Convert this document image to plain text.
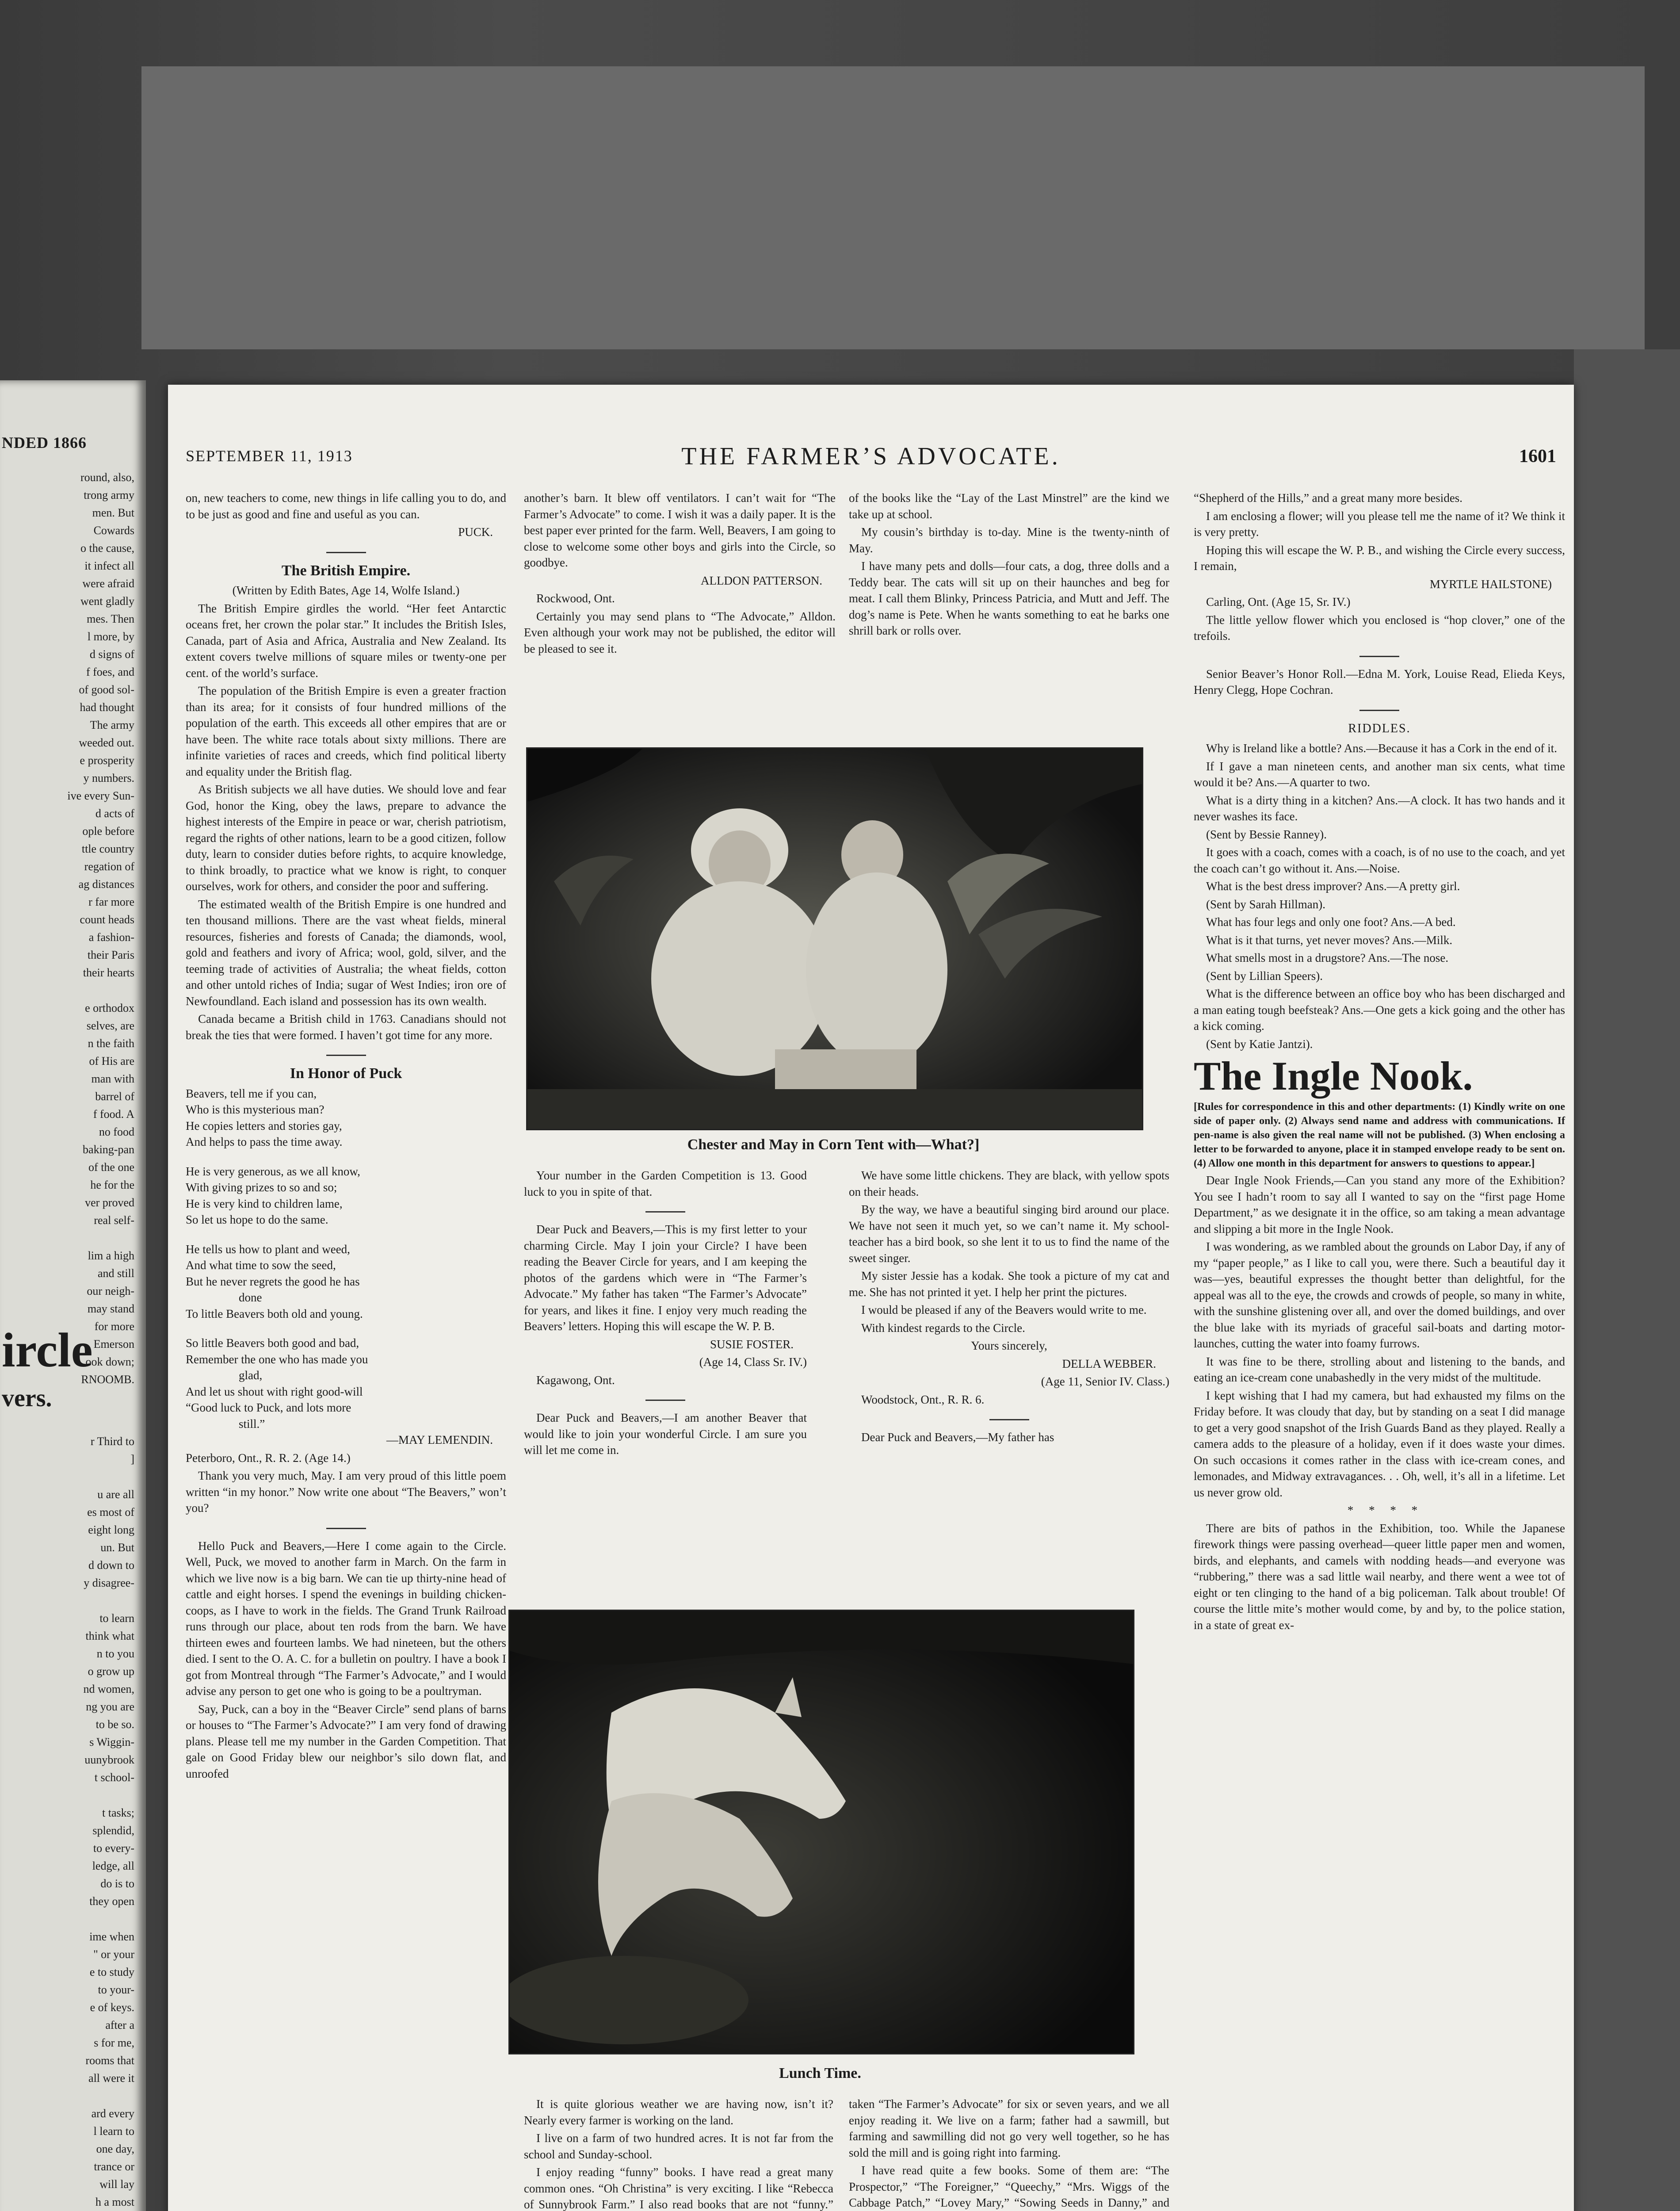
NDED 1866
round, also,
trong army
men. But
Cowards
o the cause,
it infect all
were afraid
went gladly
mes. Then
l more, by
d signs of
f foes, and
of good sol-
had thought
The army
weeded out.
e prosperity
y numbers.
ive every Sun-
d acts of
ople before
ttle country
regation of
ag distances
r far more
count heads
a fashion-
their Paris
their hearts

e orthodox
selves, are
n the faith
of His are
man with
barrel of
f food. A
no food
baking-pan
of the one
he for the
ver proved
real self-

lim a high
and still
our neigh-
may stand
for more
Emerson
ook down;
RNOOMB.
ircle
vers.
r Third to
]

u are all
es most of
eight long
un. But
d down to
y disagree-

to learn
think what
n to you
o grow up
nd women,
ng you are
to be so.
s Wiggin-
uunybrook
t school-

t tasks;
splendid,
to every-
ledge, all
do is to
they open

ime when
" or your
e to study
to your-
e of keys.
after a
s for me,
rooms that
all were it

ard every
l learn to
one day,
trance or
will lay
h a most
SEPTEMBER 11, 1913	THE FARMER’S ADVOCATE.	1601

on, new teachers to come, new things in life calling you to do, and to be just as good and fine and useful as you can.

PUCK.

The British Empire.

(Written by Edith Bates, Age 14, Wolfe Island.)

The British Empire girdles the world. “Her feet Antarctic oceans fret, her crown the polar star.” It includes the British Isles, Canada, part of Asia and Africa, Australia and New Zealand. Its extent covers twelve millions of square miles or twenty-one per cent. of the world’s surface.

The population of the British Empire is even a greater fraction than its area; for it consists of four hundred millions of the population of the earth. This exceeds all other empires that are or have been. The white race totals about sixty millions. There are infinite varieties of races and creeds, which find political liberty and equality under the British flag.

As British subjects we all have duties. We should love and fear God, honor the King, obey the laws, prepare to advance the highest interests of the Empire in peace or war, cherish patriotism, regard the rights of other nations, learn to be a good citizen, follow duty, learn to consider duties before rights, to acquire knowledge, to think broadly, to practice what we know is right, to conquer ourselves, work for others, and consider the poor and suffering.

The estimated wealth of the British Empire is one hundred and ten thousand millions. There are the vast wheat fields, mineral resources, fisheries and forests of Canada; the diamonds, wool, gold and feathers and ivory of Africa; wool, gold, silver, and the teeming trade of activities of Australia; the wheat fields, cotton and other untold riches of India; sugar of West Indies; iron ore of Newfoundland. Each island and possession has its own wealth.

Canada became a British child in 1763. Canadians should not break the ties that were formed. I haven’t got time for any more.

In Honor of Puck

Beavers, tell me if you can,

Who is this mysterious man?

He copies letters and stories gay,

And helps to pass the time away.

He is very generous, as we all know,

With giving prizes to so and so;

He is very kind to children lame,

So let us hope to do the same.

He tells us how to plant and weed,

And what time to sow the seed,

But he never regrets the good he has

done

To little Beavers both old and young.

So little Beavers both good and bad,

Remember the one who has made you

glad,

And let us shout with right good-will

“Good luck to Puck, and lots more

still.”

—MAY LEMENDIN.

Peterboro, Ont., R. R. 2. (Age 14.)

Thank you very much, May. I am very proud of this little poem written “in my honor.” Now write one about “The Beavers,” won’t you?

Hello Puck and Beavers,—Here I come again to the Circle. Well, Puck, we moved to another farm in March. On the farm in which we live now is a big barn. We can tie up thirty-nine head of cattle and eight horses. I spend the evenings in building chicken-coops, as I have to work in the fields. The Grand Trunk Railroad runs through our place, about ten rods from the barn. We have thirteen ewes and fourteen lambs. We had nineteen, but the others died. I sent to the O. A. C. for a bulletin on poultry. I have a book I got from Montreal through “The Farmer’s Advocate,” and I would advise any person to get one who is going to be a poultryman.

Say, Puck, can a boy in the “Beaver Circle” send plans of barns or houses to “The Farmer’s Advocate?” I am very fond of drawing plans. Please tell me my number in the Garden Competition. That gale on Good Friday blew our neighbor’s silo down flat, and unroofed

another’s barn. It blew off ventilators. I can’t wait for “The Farmer’s Advocate” to come. I wish it was a daily paper. It is the best paper ever printed for the farm. Well, Beavers, I am going to close to welcome some other boys and girls into the Circle, so goodbye.

ALLDON PATTERSON.

Rockwood, Ont.

Certainly you may send plans to “The Advocate,” Alldon. Even although your work may not be published, the editor will be pleased to see it.

of the books like the “Lay of the Last Minstrel” are the kind we take up at school.

My cousin’s birthday is to-day. Mine is the twenty-ninth of May.

I have many pets and dolls—four cats, a dog, three dolls and a Teddy bear. The cats will sit up on their haunches and beg for meat. I call them Blinky, Princess Patricia, and Mutt and Jeff. The dog’s name is Pete. When he wants something to eat he barks one shrill bark or rolls over.

Chester and May in Corn Tent with—What?]

Your number in the Garden Competition is 13. Good luck to you in spite of that.

Dear Puck and Beavers,—This is my first letter to your charming Circle. May I join your Circle? I have been reading the Beaver Circle for years, and I am keeping the photos of the gardens which were in “The Farmer’s Advocate.” My father has taken “The Farmer’s Advocate” for years, and likes it fine. I enjoy very much reading the Beavers’ letters. Hoping this will escape the W. P. B.

SUSIE FOSTER.

(Age 14, Class Sr. IV.)

Kagawong, Ont.

Dear Puck and Beavers,—I am another Beaver that would like to join your wonderful Circle. I am sure you will let me come in.

We have some little chickens. They are black, with yellow spots on their heads.

By the way, we have a beautiful singing bird around our place. We have not seen it much yet, so we can’t name it. My school-teacher has a bird book, so she lent it to us to find the name of the sweet singer.

My sister Jessie has a kodak. She took a picture of my cat and me. She has not printed it yet. I help her print the pictures.

I would be pleased if any of the Beavers would write to me.

With kindest regards to the Circle.

Yours sincerely,

DELLA WEBBER.

(Age 11, Senior IV. Class.)

Woodstock, Ont., R. R. 6.

Dear Puck and Beavers,—My father has

Lunch Time.

It is quite glorious weather we are having now, isn’t it? Nearly every farmer is working on the land.

I live on a farm of two hundred acres. It is not far from the school and Sunday-school.

I enjoy reading “funny” books. I have read a great many common ones. “Oh Christina” is very exciting. I like “Rebecca of Sunnybrook Farm.” I also read books that are not “funny.”

taken “The Farmer’s Advocate” for six or seven years, and we all enjoy reading it. We live on a farm; father had a sawmill, but farming and sawmilling did not go very well together, so he has sold the mill and is going right into farming.

I have read quite a few books. Some of them are: “The Prospector,” “The Foreigner,” “Queechy,” “Mrs. Wiggs of the Cabbage Patch,” “Lovey Mary,” “Sowing Seeds in Danny,” and

“Shepherd of the Hills,” and a great many more besides.

I am enclosing a flower; will you please tell me the name of it? We think it is very pretty.

Hoping this will escape the W. P. B., and wishing the Circle every success, I remain,

MYRTLE HAILSTONE)

Carling, Ont. (Age 15, Sr. IV.)

The little yellow flower which you enclosed is “hop clover,” one of the trefoils.

Senior Beaver’s Honor Roll.—Edna M. York, Louise Read, Elieda Keys, Henry Clegg, Hope Cochran.

RIDDLES.

Why is Ireland like a bottle? Ans.—Because it has a Cork in the end of it.

If I gave a man nineteen cents, and another man six cents, what time would it be? Ans.—A quarter to two.

What is a dirty thing in a kitchen? Ans.—A clock. It has two hands and it never washes its face.

(Sent by Bessie Ranney).

It goes with a coach, comes with a coach, is of no use to the coach, and yet the coach can’t go without it. Ans.—Noise.

What is the best dress improver? Ans.—A pretty girl.

(Sent by Sarah Hillman).

What has four legs and only one foot? Ans.—A bed.

What is it that turns, yet never moves? Ans.—Milk.

What smells most in a drugstore? Ans.—The nose.

(Sent by Lillian Speers).

What is the difference between an office boy who has been discharged and a man eating tough beefsteak? Ans.—One gets a kick going and the other has a kick coming.

(Sent by Katie Jantzi).

The Ingle Nook.

[Rules for correspondence in this and other departments: (1) Kindly write on one side of paper only. (2) Always send name and address with communications. If pen-name is also given the real name will not be published. (3) When enclosing a letter to be forwarded to anyone, place it in stamped envelope ready to be sent on. (4) Allow one month in this department for answers to questions to appear.]

Dear Ingle Nook Friends,—Can you stand any more of the Exhibition? You see I hadn’t room to say all I wanted to say on the “first page Home Department,” as we designate it in the office, so am taking a mean advantage and slipping a bit more in the Ingle Nook.

I was wondering, as we rambled about the grounds on Labor Day, if any of my “paper people,” as I like to call you, were there. Such a beautiful day it was—yes, beautiful expresses the thought better than delightful, for the appeal was all to the eye, the crowds and crowds of people, so many in white, with the sunshine glistening over all, and over the domed buildings, and over the blue lake with its myriads of graceful sail-boats and darting motor-launches, cutting the water into foamy furrows.

It was fine to be there, strolling about and listening to the bands, and eating an ice-cream cone unabashedly in the very midst of the multitude.

I kept wishing that I had my camera, but had exhausted my films on the Friday before. It was cloudy that day, but by standing on a seat I did manage to get a very good snapshot of the Irish Guards Band as they played. Really a camera adds to the pleasure of a holiday, even if it does waste your dimes. On such occasions it comes rather in the class with ice-cream cones, and lemonades, and Midway extravagances. . . Oh, well, it’s all in a lifetime. Let us never grow old.

* * * *

There are bits of pathos in the Exhibition, too. While the Japanese firework things were passing overhead—queer little paper men and women, birds, and elephants, and camels with nodding heads—and everyone was “rubbering,” there was a sad little wail nearby, and there went a wee tot of eight or ten clinging to the hand of a big policeman. Talk about trouble! Of course the little mite’s mother would come, by and by, to the police station, in a state of great ex-
